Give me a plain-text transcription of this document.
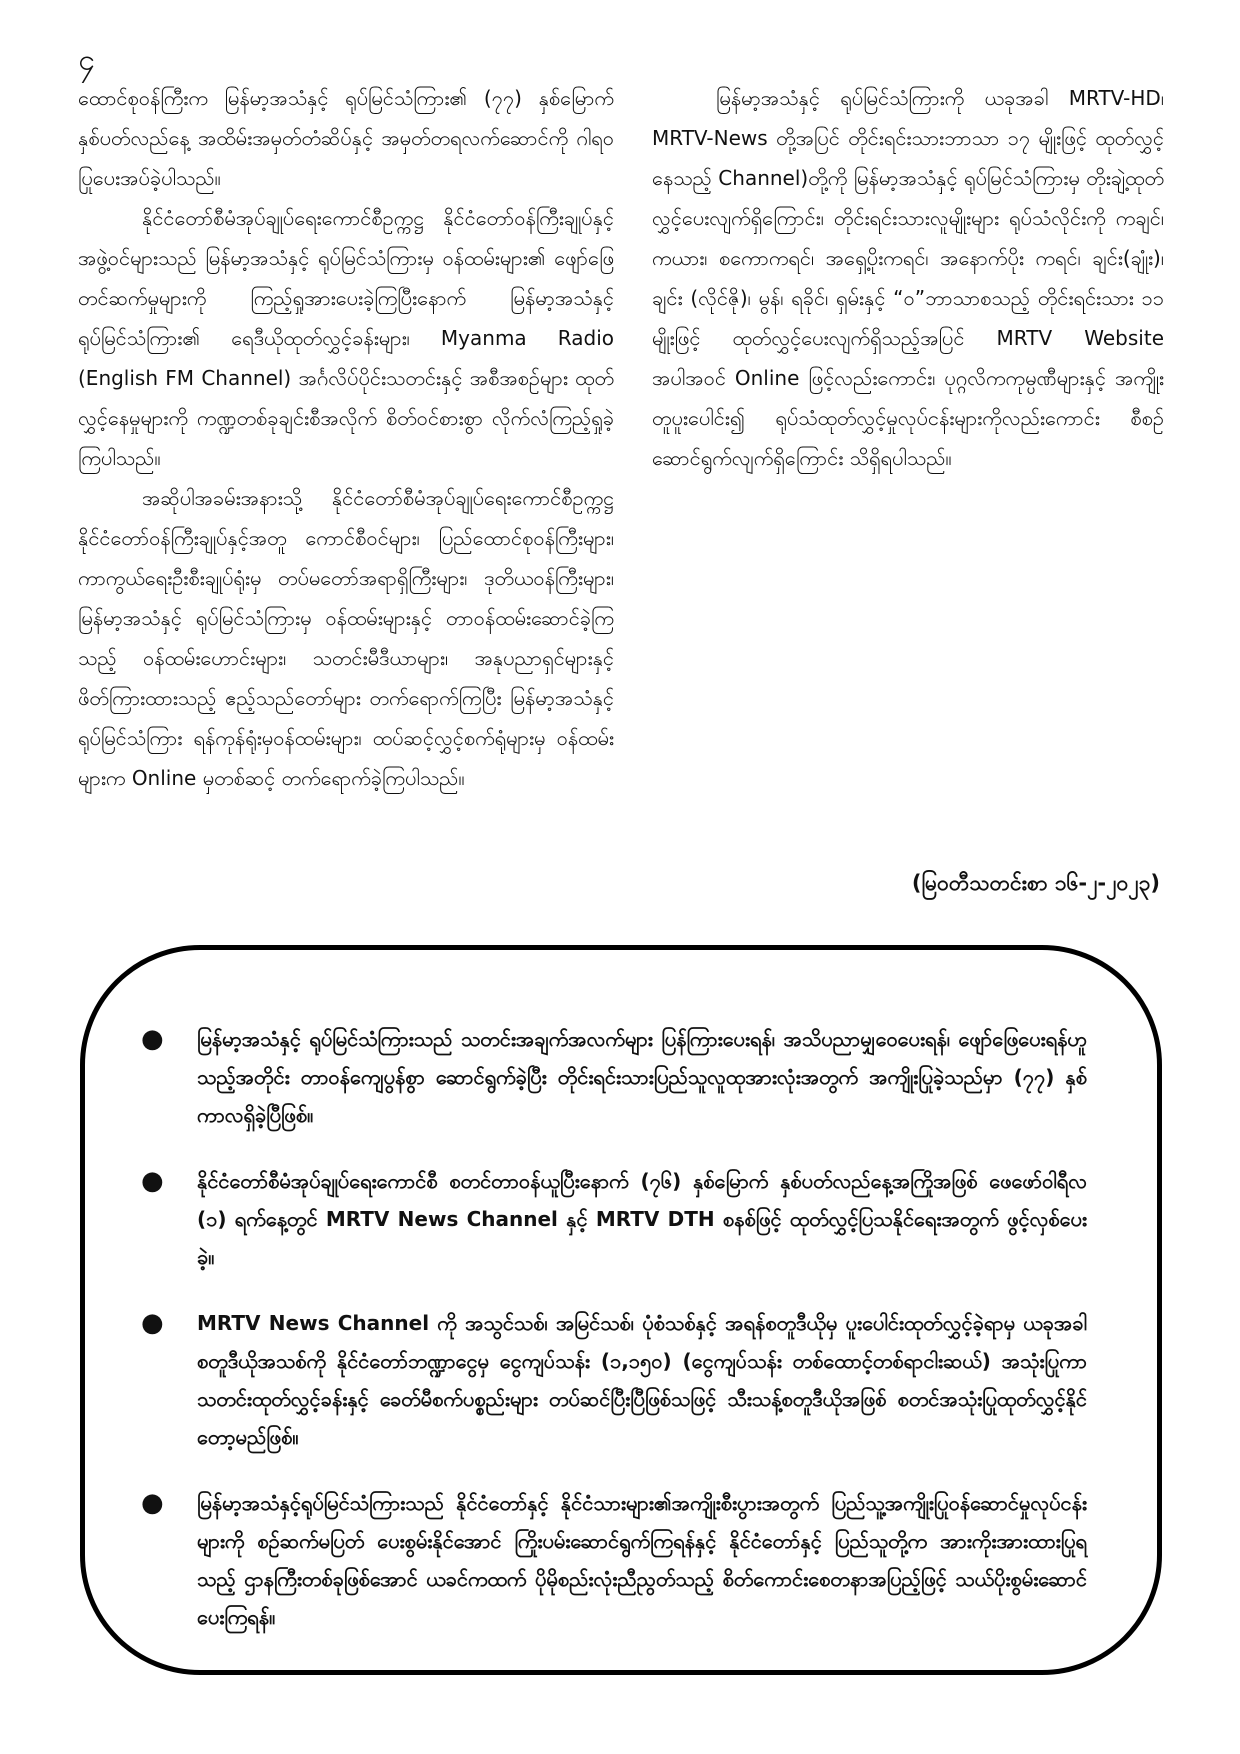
၄

ထောင်စုဝန်ကြီးက မြန်မာ့အသံနှင့် ရုပ်မြင်သံကြား၏ (၇၇) နှစ်မြောက် နှစ်ပတ်လည်နေ့ အထိမ်းအမှတ်တံဆိပ်နှင့် အမှတ်တရလက်ဆောင်ကို ဂါရဝပြုပေးအပ်ခဲ့ပါသည်။

နိုင်ငံတော်စီမံအုပ်ချုပ်ရေးကောင်စီဥက္ကဋ္ဌ နိုင်ငံတော်ဝန်ကြီးချုပ်နှင့် အဖွဲ့ဝင်များသည် မြန်မာ့အသံနှင့် ရုပ်မြင်သံကြားမှ ဝန်ထမ်းများ၏ ဖျော်ဖြေတင်ဆက်မှုများကို ကြည့်ရှုအားပေးခဲ့ကြပြီးနောက် မြန်မာ့အသံနှင့်ရုပ်မြင်သံကြား၏ ရေဒီယိုထုတ်လွှင့်ခန်းများ၊ Myanma Radio (English FM Channel) အင်္ဂလိပ်ပိုင်းသတင်းနှင့် အစီအစဉ်များ ထုတ်လွှင့်နေမှုများကို ကဏ္ဍတစ်ခုချင်းစီအလိုက် စိတ်ဝင်စားစွာ လိုက်လံကြည့်ရှုခဲ့ကြပါသည်။

အဆိုပါအခမ်းအနားသို့ နိုင်ငံတော်စီမံအုပ်ချုပ်ရေးကောင်စီဥက္ကဋ္ဌ နိုင်ငံတော်ဝန်ကြီးချုပ်နှင့်အတူ ကောင်စီဝင်များ၊ ပြည်ထောင်စုဝန်ကြီးများ၊ ကာကွယ်ရေးဦးစီးချုပ်ရုံးမှ တပ်မတော်အရာရှိကြီးများ၊ ဒုတိယဝန်ကြီးများ၊ မြန်မာ့အသံနှင့် ရုပ်မြင်သံကြားမှ ဝန်ထမ်းများနှင့် တာဝန်ထမ်းဆောင်ခဲ့ကြသည့် ဝန်ထမ်းဟောင်းများ၊ သတင်းမီဒီယာများ၊ အနုပညာရှင်များနှင့် ဖိတ်ကြားထားသည့် ဧည့်သည်တော်များ တက်ရောက်ကြပြီး မြန်မာ့အသံနှင့်ရုပ်မြင်သံကြား ရန်ကုန်ရုံးမှဝန်ထမ်းများ၊ ထပ်ဆင့်လွှင့်စက်ရုံများမှ ဝန်ထမ်းများက Online မှတစ်ဆင့် တက်ရောက်ခဲ့ကြပါသည်။

မြန်မာ့အသံနှင့် ရုပ်မြင်သံကြားကို ယခုအခါ MRTV-HD၊ MRTV-News တို့အပြင် တိုင်းရင်းသားဘာသာ ၁၇ မျိုးဖြင့် ထုတ်လွှင့်နေသည့် Channel)တို့ကို မြန်မာ့အသံနှင့် ရုပ်မြင်သံကြားမှ တိုးချဲ့ထုတ်လွှင့်ပေးလျက်ရှိကြောင်း၊ တိုင်းရင်းသားလူမျိုးများ ရုပ်သံလိုင်းကို ကချင်၊ ကယား၊ စကောကရင်၊ အရှေ့ပိုးကရင်၊ အနောက်ပိုး ကရင်၊ ချင်း(ချုံး)၊ ချင်း (လိုင်ဇို)၊ မွန်၊ ရခိုင်၊ ရှမ်းနှင့် “ဝ”ဘာသာစသည့် တိုင်းရင်းသား ၁၁ မျိုးဖြင့် ထုတ်လွှင့်ပေးလျက်ရှိသည့်အပြင် MRTV Website အပါအဝင် Online ဖြင့်လည်းကောင်း၊ ပုဂ္ဂလိကကုမ္ပဏီများနှင့် အကျိုးတူပူးပေါင်း၍ ရုပ်သံထုတ်လွှင့်မှုလုပ်ငန်းများကိုလည်းကောင်း စီစဉ်ဆောင်ရွက်လျက်ရှိကြောင်း သိရှိရပါသည်။

(မြဝတီသတင်းစာ ၁၆-၂-၂၀၂၃)
● မြန်မာ့အသံနှင့် ရုပ်မြင်သံကြားသည် သတင်းအချက်အလက်များ ပြန်ကြားပေးရန်၊ အသိပညာမျှဝေပေးရန်၊ ဖျော်ဖြေပေးရန်ဟူသည့်အတိုင်း တာဝန်ကျေပွန်စွာ ဆောင်ရွက်ခဲ့ပြီး တိုင်းရင်းသားပြည်သူလူထုအားလုံးအတွက် အကျိုးပြုခဲ့သည်မှာ (၇၇) နှစ် ကာလရှိခဲ့ပြီဖြစ်။
● နိုင်ငံတော်စီမံအုပ်ချုပ်ရေးကောင်စီ စတင်တာဝန်ယူပြီးနောက် (၇၆) နှစ်မြောက် နှစ်ပတ်လည်နေ့အကြိုအဖြစ် ဖေဖော်ဝါရီလ (၁) ရက်နေ့တွင် MRTV News Channel နှင့် MRTV DTH စနစ်ဖြင့် ထုတ်လွှင့်ပြသနိုင်ရေးအတွက် ဖွင့်လှစ်ပေးခဲ့။
● MRTV News Channel ကို အသွင်သစ်၊ အမြင်သစ်၊ ပုံစံသစ်နှင့် အရန်စတူဒီယိုမှ ပူးပေါင်းထုတ်လွှင့်ခဲ့ရာမှ ယခုအခါ စတူဒီယိုအသစ်ကို နိုင်ငံတော်ဘဏ္ဍာငွေမှ ငွေကျပ်သန်း (၁,၁၅၀) (ငွေကျပ်သန်း တစ်ထောင့်တစ်ရာငါးဆယ်) အသုံးပြုကာ သတင်းထုတ်လွှင့်ခန်းနှင့် ခေတ်မီစက်ပစ္စည်းများ တပ်ဆင်ပြီးပြီဖြစ်သဖြင့် သီးသန့်စတူဒီယိုအဖြစ် စတင်အသုံးပြုထုတ်လွှင့်နိုင်တော့မည်ဖြစ်။
● မြန်မာ့အသံနှင့်ရုပ်မြင်သံကြားသည် နိုင်ငံတော်နှင့် နိုင်ငံသားများ၏အကျိုးစီးပွားအတွက် ပြည်သူ့အကျိုးပြုဝန်ဆောင်မှုလုပ်ငန်းများကို စဉ်ဆက်မပြတ် ပေးစွမ်းနိုင်အောင် ကြိုးပမ်းဆောင်ရွက်ကြရန်နှင့် နိုင်ငံတော်နှင့် ပြည်သူတို့က အားကိုးအားထားပြုရသည့် ဌာနကြီးတစ်ခုဖြစ်အောင် ယခင်ကထက် ပိုမိုစည်းလုံးညီညွတ်သည့် စိတ်ကောင်းစေတနာအပြည့်ဖြင့် သယ်ပိုးစွမ်းဆောင်ပေးကြရန်။
